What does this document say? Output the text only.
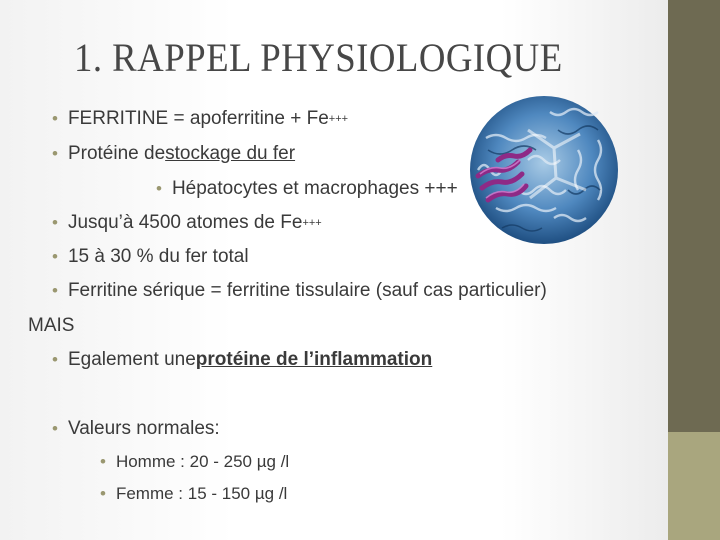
1. RAPPEL PHYSIOLOGIQUE
• FERRITINE = apoferritine + Fe +++
• Protéine de stockage du fer
• Hépatocytes et macrophages +++
• Jusqu’à 4500 atomes de Fe +++
• 15 à 30 % du fer total
• Ferritine sérique = ferritine tissulaire (sauf cas particulier)
MAIS
• Egalement une protéine de l’inflammation
• Valeurs normales:
• Homme : 20 - 250 µg /l
• Femme : 15 - 150 µg /l
